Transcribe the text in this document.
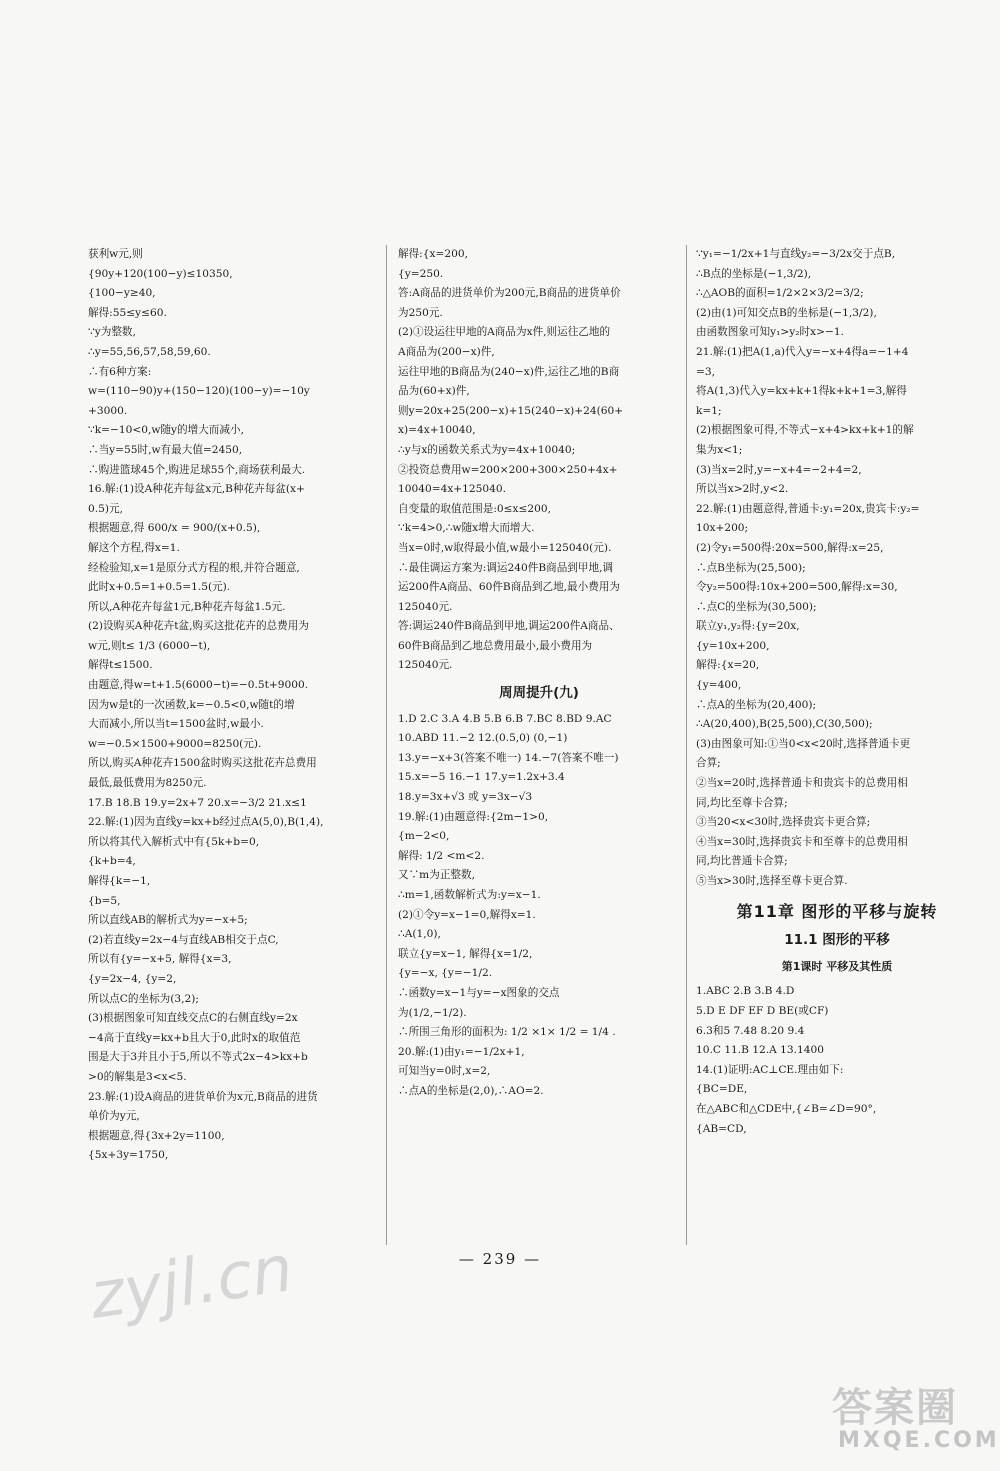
获利w元,则
{90y+120(100−y)≤10350,
{100−y≥40,
解得:55≤y≤60.
∵y为整数,
∴y=55,56,57,58,59,60.
∴有6种方案:
w=(110−90)y+(150−120)(100−y)=−10y
+3000.
∵k=−10<0,w随y的增大而减小,
∴当y=55时,w有最大值=2450,
∴购进篮球45个,购进足球55个,商场获利最大.
16.解:(1)设A种花卉每盆x元,B种花卉每盆(x+
0.5)元,
根据题意,得 600/x = 900/(x+0.5),
解这个方程,得x=1.
经检验知,x=1是原分式方程的根,并符合题意,
此时x+0.5=1+0.5=1.5(元).
所以,A种花卉每盆1元,B种花卉每盆1.5元.
(2)设购买A种花卉t盆,购买这批花卉的总费用为
w元,则t≤ 1/3 (6000−t),
解得t≤1500.
由题意,得w=t+1.5(6000−t)=−0.5t+9000.
因为w是t的一次函数,k=−0.5<0,w随t的增
大而减小,所以当t=1500盆时,w最小.
w=−0.5×1500+9000=8250(元).
所以,购买A种花卉1500盆时购买这批花卉总费用
最低,最低费用为8250元.
17.B 18.B 19.y=2x+7 20.x=−3/2 21.x≤1
22.解:(1)因为直线y=kx+b经过点A(5,0),B(1,4),
所以将其代入解析式中有{5k+b=0,
{k+b=4,
解得{k=−1,
{b=5,
所以直线AB的解析式为y=−x+5;
(2)若直线y=2x−4与直线AB相交于点C,
所以有{y=−x+5, 解得{x=3,
{y=2x−4, {y=2,
所以点C的坐标为(3,2);
(3)根据图象可知直线交点C的右侧直线y=2x
−4高于直线y=kx+b且大于0,此时x的取值范
围是大于3并且小于5,所以不等式2x−4>kx+b
>0的解集是3<x<5.
23.解:(1)设A商品的进货单价为x元,B商品的进货
单价为y元,
根据题意,得{3x+2y=1100,
{5x+3y=1750,
解得:{x=200,
{y=250.
答:A商品的进货单价为200元,B商品的进货单价
为250元.
(2)①设运往甲地的A商品为x件,则运往乙地的
A商品为(200−x)件,
运往甲地的B商品为(240−x)件,运往乙地的B商
品为(60+x)件,
则y=20x+25(200−x)+15(240−x)+24(60+
x)=4x+10040,
∴y与x的函数关系式为y=4x+10040;
②投资总费用w=200×200+300×250+4x+
10040=4x+125040.
自变量的取值范围是:0≤x≤200,
∵k=4>0,∴w随x增大而增大.
当x=0时,w取得最小值,w最小=125040(元).
∴最佳调运方案为:调运240件B商品到甲地,调
运200件A商品、60件B商品到乙地,最小费用为
125040元.
答:调运240件B商品到甲地,调运200件A商品、
60件B商品到乙地总费用最小,最小费用为
125040元.
周周提升(九)
1.D 2.C 3.A 4.B 5.B 6.B 7.BC 8.BD 9.AC
10.ABD 11.−2 12.(0.5,0) (0,−1)
13.y=−x+3(答案不唯一) 14.−7(答案不唯一)
15.x=−5 16.−1 17.y=1.2x+3.4
18.y=3x+√3 或 y=3x−√3
19.解:(1)由题意得:{2m−1>0,
{m−2<0,
解得: 1/2 <m<2.
又∵m为正整数,
∴m=1,函数解析式为:y=x−1.
(2)①令y=x−1=0,解得x=1.
∴A(1,0),
联立{y=x−1, 解得{x=1/2,
{y=−x, {y=−1/2.
∴函数y=x−1与y=−x图象的交点
为(1/2,−1/2).
∴所围三角形的面积为: 1/2 ×1× 1/2 = 1/4 .
20.解:(1)由y₁=−1/2x+1,
可知当y=0时,x=2,
∴点A的坐标是(2,0),∴AO=2.
∵y₁=−1/2x+1与直线y₂=−3/2x交于点B,
∴B点的坐标是(−1,3/2),
∴△AOB的面积=1/2×2×3/2=3/2;
(2)由(1)可知交点B的坐标是(−1,3/2),
由函数图象可知y₁>y₂时x>−1.
21.解:(1)把A(1,a)代入y=−x+4得a=−1+4
=3,
将A(1,3)代入y=kx+k+1得k+k+1=3,解得
k=1;
(2)根据图象可得,不等式−x+4>kx+k+1的解
集为x<1;
(3)当x=2时,y=−x+4=−2+4=2,
所以当x>2时,y<2.
22.解:(1)由题意得,普通卡:y₁=20x,贵宾卡:y₂=
10x+200;
(2)令y₁=500得:20x=500,解得:x=25,
∴点B坐标为(25,500);
令y₂=500得:10x+200=500,解得:x=30,
∴点C的坐标为(30,500);
联立y₁,y₂得:{y=20x,
{y=10x+200,
解得:{x=20,
{y=400,
∴点A的坐标为(20,400);
∴A(20,400),B(25,500),C(30,500);
(3)由图象可知:①当0<x<20时,选择普通卡更
合算;
②当x=20时,选择普通卡和贵宾卡的总费用相
同,均比至尊卡合算;
③当20<x<30时,选择贵宾卡更合算;
④当x=30时,选择贵宾卡和至尊卡的总费用相
同,均比普通卡合算;
⑤当x>30时,选择至尊卡更合算.
第11章 图形的平移与旋转
11.1 图形的平移
第1课时 平移及其性质
1.ABC 2.B 3.B 4.D
5.D E DF EF D BE(或CF)
6.3和5 7.48 8.20 9.4
10.C 11.B 12.A 13.1400
14.(1)证明:AC⊥CE.理由如下:
{BC=DE,
在△ABC和△CDE中,{∠B=∠D=90°,
{AB=CD,
— 239 —
zyjl.cn
答案圈
MXQE.COM
